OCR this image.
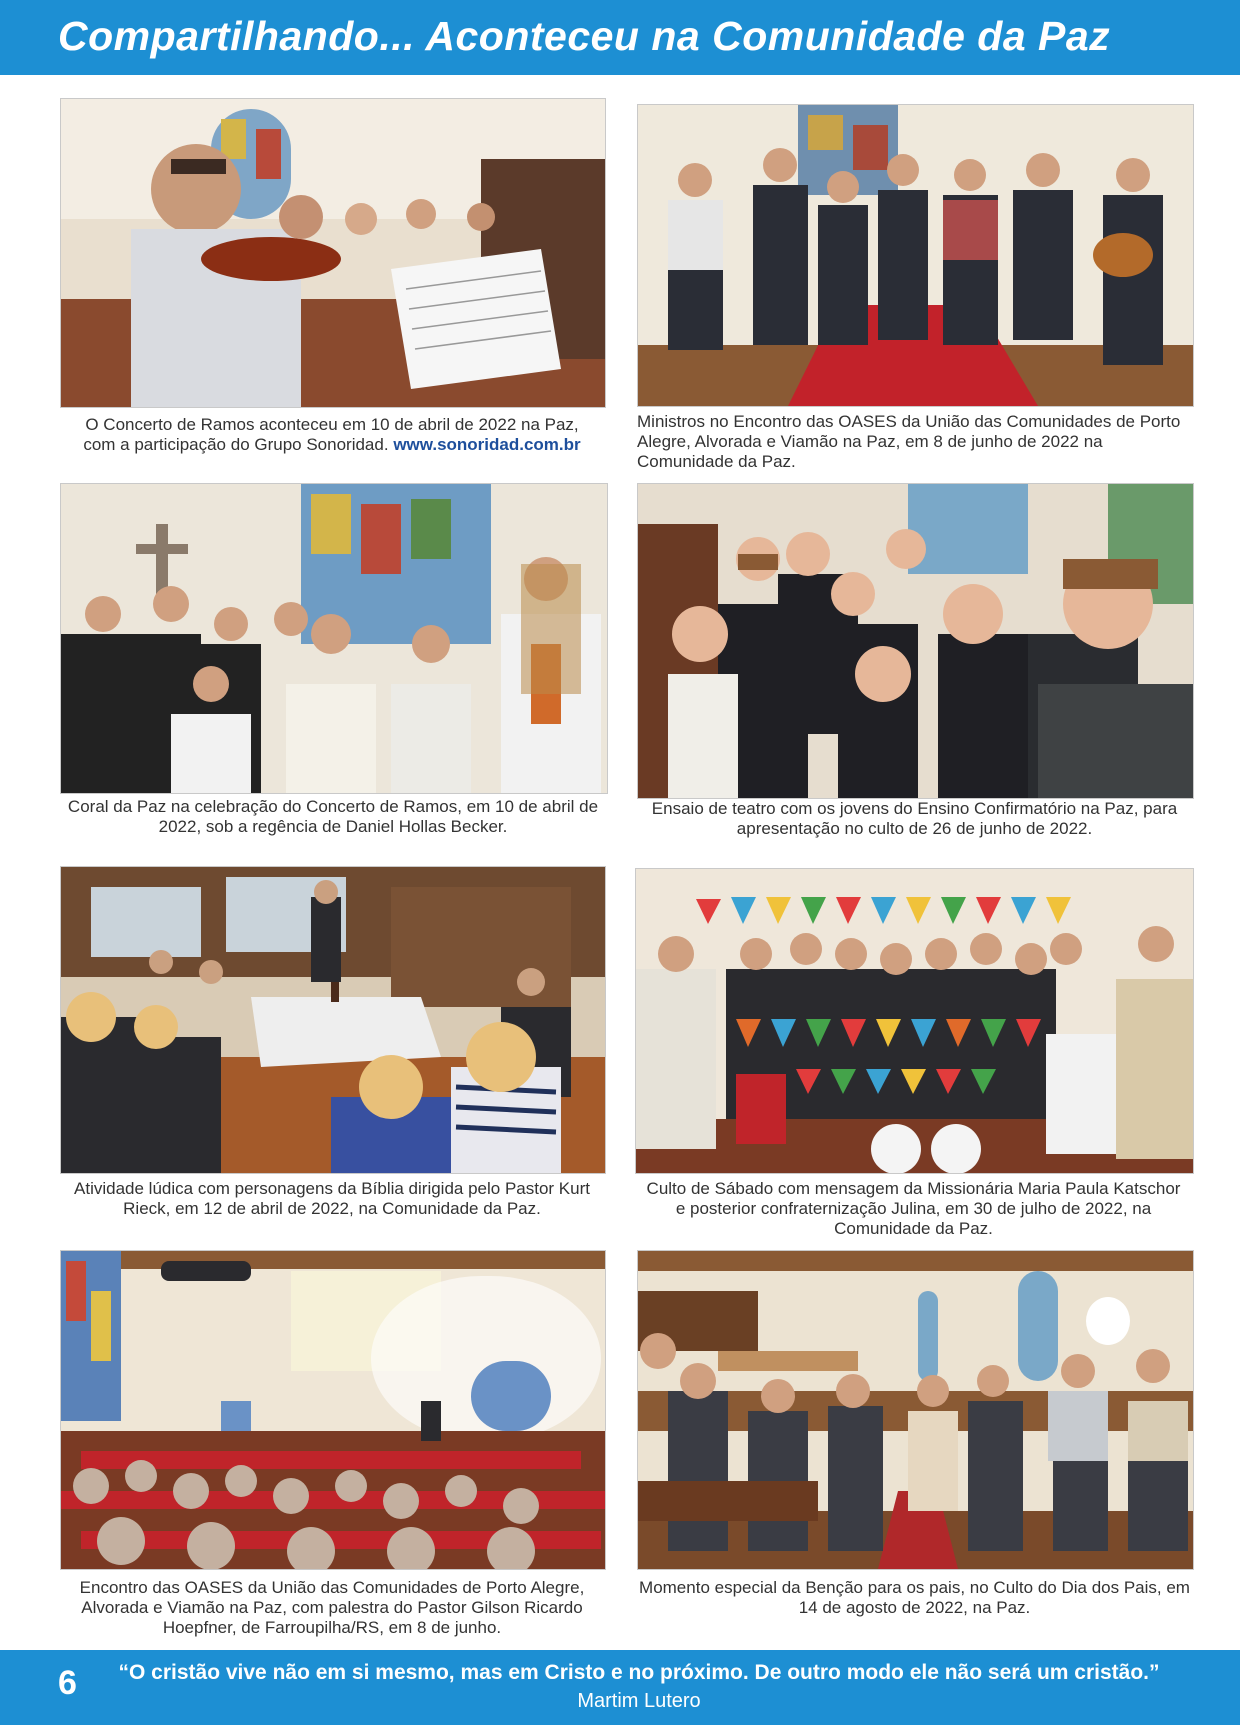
Compartilhando... Aconteceu na Comunidade da Paz
O Concerto de Ramos aconteceu em 10 de abril de 2022 na Paz,
com a participação do Grupo Sonoridad. www.sonoridad.com.br
Ministros no Encontro das OASES da União das Comunidades de Porto Alegre, Alvorada e Viamão na Paz, em 8 de junho de 2022 na Comunidade da Paz.
Coral da Paz na celebração do Concerto de Ramos, em 10 de abril de 2022, sob a regência de Daniel Hollas Becker.
Ensaio de teatro com os jovens do Ensino Confirmatório na Paz, para apresentação no culto de 26 de junho de 2022.
Atividade lúdica com personagens da Bíblia dirigida pelo Pastor Kurt Rieck, em 12 de abril de 2022, na Comunidade da Paz.
Culto de Sábado com mensagem da Missionária Maria Paula Katschor e posterior confraternização Julina, em 30 de julho de 2022, na Comunidade da Paz.
Encontro das OASES da União das Comunidades de Porto Alegre, Alvorada e Viamão na Paz, com palestra do Pastor Gilson Ricardo Hoepfner, de Farroupilha/RS, em 8 de junho.
Momento especial da Benção para os pais, no Culto do Dia dos Pais, em 14 de agosto de 2022, na Paz.
6	“O cristão vive não em si mesmo, mas em Cristo e no próximo. De outro modo ele não será um cristão.”
Martim Lutero
